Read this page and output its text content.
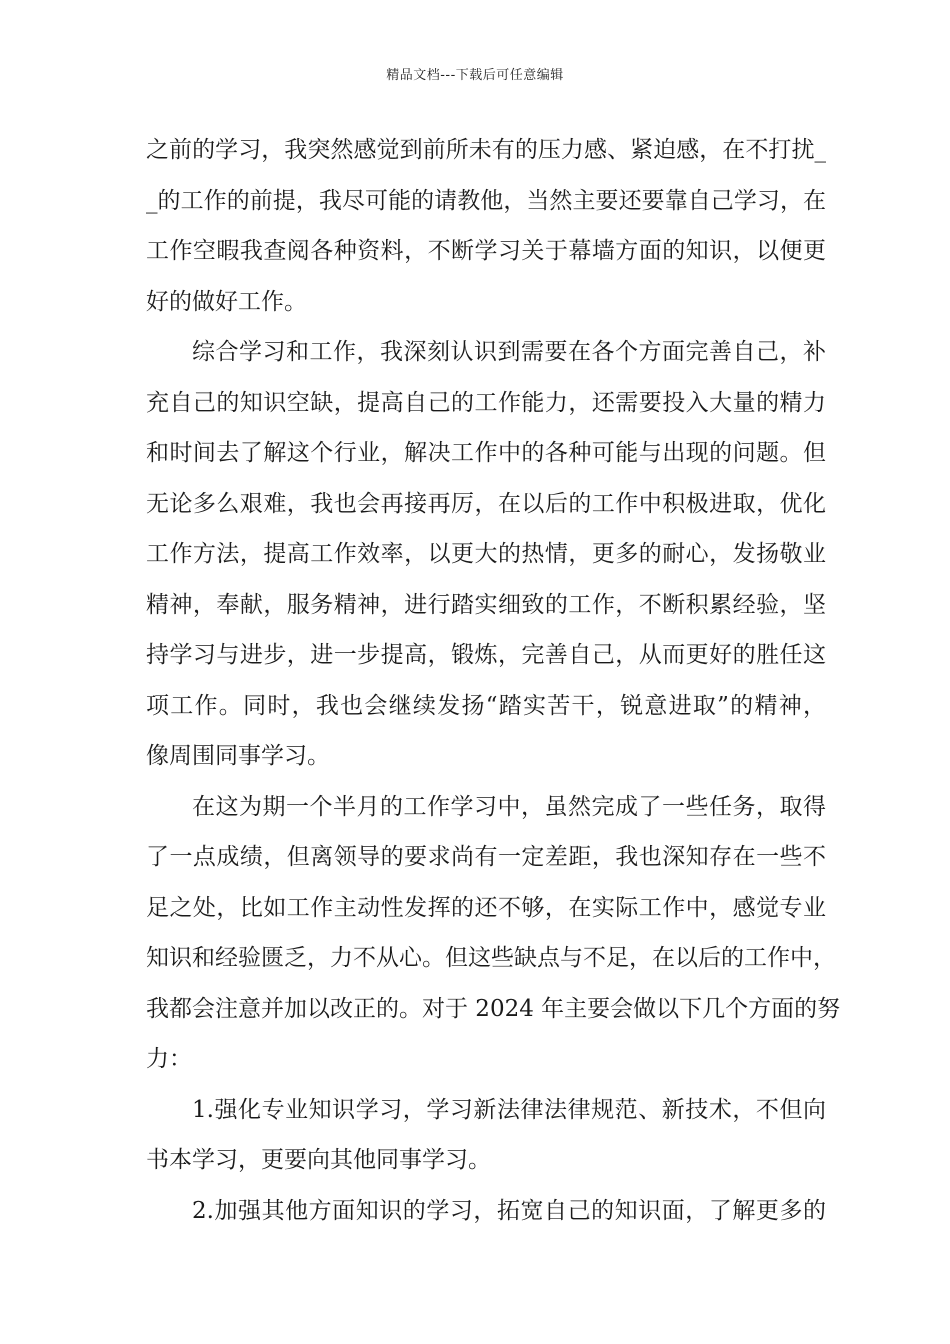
精品文档---下载后可任意编辑
之前的学习，我突然感觉到前所未有的压力感、紧迫感，在不打扰_
_的工作的前提，我尽可能的请教他，当然主要还要靠自己学习，在
工作空暇我查阅各种资料，不断学习关于幕墙方面的知识，以便更
好的做好工作。
综合学习和工作，我深刻认识到需要在各个方面完善自己，补
充自己的知识空缺，提高自己的工作能力，还需要投入大量的精力
和时间去了解这个行业，解决工作中的各种可能与出现的问题。但
无论多么艰难，我也会再接再厉，在以后的工作中积极进取，优化
工作方法，提高工作效率，以更大的热情，更多的耐心，发扬敬业
精神，奉献，服务精神，进行踏实细致的工作，不断积累经验，坚
持学习与进步，进一步提高，锻炼，完善自己，从而更好的胜任这
项工作。同时，我也会继续发扬“踏实苦干，锐意进取”的精神，
像周围同事学习。
在这为期一个半月的工作学习中，虽然完成了一些任务，取得
了一点成绩，但离领导的要求尚有一定差距，我也深知存在一些不
足之处，比如工作主动性发挥的还不够，在实际工作中，感觉专业
知识和经验匮乏，力不从心。但这些缺点与不足，在以后的工作中，
我都会注意并加以改正的。对于 2024 年主要会做以下几个方面的努
力：
1.强化专业知识学习，学习新法律法律规范、新技术，不但向
书本学习，更要向其他同事学习。
2.加强其他方面知识的学习，拓宽自己的知识面，了解更多的
